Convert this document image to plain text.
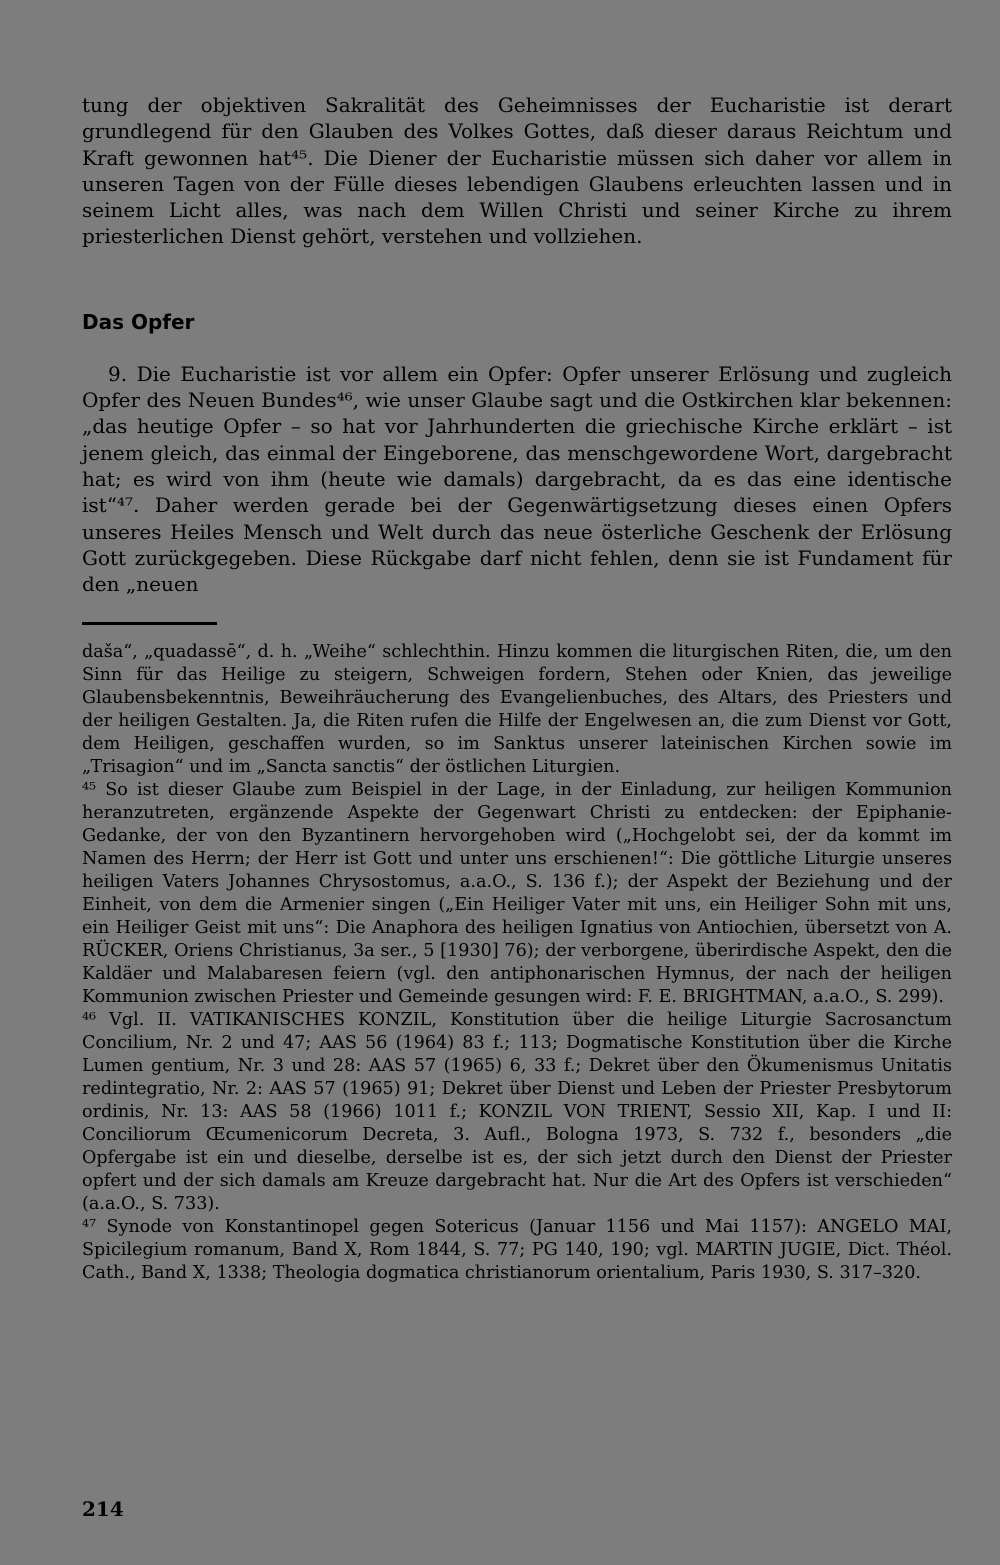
tung der objektiven Sakralität des Geheimnisses der Eucharistie ist derart grundlegend für den Glauben des Volkes Gottes, daß dieser daraus Reichtum und Kraft gewonnen hat⁴⁵. Die Diener der Eucharistie müssen sich daher vor allem in unseren Tagen von der Fülle dieses lebendigen Glaubens erleuchten lassen und in seinem Licht alles, was nach dem Willen Christi und seiner Kirche zu ihrem priesterlichen Dienst gehört, verstehen und vollziehen.

Das Opfer

9. Die Eucharistie ist vor allem ein Opfer: Opfer unserer Erlösung und zugleich Opfer des Neuen Bundes⁴⁶, wie unser Glaube sagt und die Ostkirchen klar bekennen: „das heutige Opfer – so hat vor Jahrhunderten die griechische Kirche erklärt – ist jenem gleich, das einmal der Eingeborene, das menschgewordene Wort, dargebracht hat; es wird von ihm (heute wie damals) dargebracht, da es das eine identische ist“⁴⁷. Daher werden gerade bei der Gegenwärtigsetzung dieses einen Opfers unseres Heiles Mensch und Welt durch das neue österliche Geschenk der Erlösung Gott zurückgegeben. Diese Rückgabe darf nicht fehlen, denn sie ist Fundament für den „neuen

daša“, „quadassē“, d. h. „Weihe“ schlechthin. Hinzu kommen die liturgischen Riten, die, um den Sinn für das Heilige zu steigern, Schweigen fordern, Stehen oder Knien, das jeweilige Glaubensbekenntnis, Beweihräucherung des Evangelienbuches, des Altars, des Priesters und der heiligen Gestalten. Ja, die Riten rufen die Hilfe der Engelwesen an, die zum Dienst vor Gott, dem Heiligen, geschaffen wurden, so im Sanktus unserer lateinischen Kirchen sowie im „Trisagion“ und im „Sancta sanctis“ der östlichen Liturgien.

⁴⁵ So ist dieser Glaube zum Beispiel in der Lage, in der Einladung, zur heiligen Kommunion heranzutreten, ergänzende Aspekte der Gegenwart Christi zu entdecken: der Epiphanie-Gedanke, der von den Byzantinern hervorgehoben wird („Hochgelobt sei, der da kommt im Namen des Herrn; der Herr ist Gott und unter uns erschienen!“: Die göttliche Liturgie unseres heiligen Vaters Johannes Chrysostomus, a.a.O., S. 136 f.); der Aspekt der Beziehung und der Einheit, von dem die Armenier singen („Ein Heiliger Vater mit uns, ein Heiliger Sohn mit uns, ein Heiliger Geist mit uns“: Die Anaphora des heiligen Ignatius von Antiochien, übersetzt von A. RÜCKER, Oriens Christianus, 3a ser., 5 [1930] 76); der verborgene, überirdische Aspekt, den die Kaldäer und Malabaresen feiern (vgl. den antiphonarischen Hymnus, der nach der heiligen Kommunion zwischen Priester und Gemeinde gesungen wird: F. E. BRIGHTMAN, a.a.O., S. 299).

⁴⁶ Vgl. II. VATIKANISCHES KONZIL, Konstitution über die heilige Liturgie Sacrosanctum Concilium, Nr. 2 und 47; AAS 56 (1964) 83 f.; 113; Dogmatische Konstitution über die Kirche Lumen gentium, Nr. 3 und 28: AAS 57 (1965) 6, 33 f.; Dekret über den Ökumenismus Unitatis redintegratio, Nr. 2: AAS 57 (1965) 91; Dekret über Dienst und Leben der Priester Presbytorum ordinis, Nr. 13: AAS 58 (1966) 1011 f.; KONZIL VON TRIENT, Sessio XII, Kap. I und II: Conciliorum Œcumenicorum Decreta, 3. Aufl., Bologna 1973, S. 732 f., besonders „die Opfergabe ist ein und dieselbe, derselbe ist es, der sich jetzt durch den Dienst der Priester opfert und der sich damals am Kreuze dargebracht hat. Nur die Art des Opfers ist verschieden“ (a.a.O., S. 733).

⁴⁷ Synode von Konstantinopel gegen Sotericus (Januar 1156 und Mai 1157): ANGELO MAI, Spicilegium romanum, Band X, Rom 1844, S. 77; PG 140, 190; vgl. MARTIN JUGIE, Dict. Théol. Cath., Band X, 1338; Theologia dogmatica christianorum orientalium, Paris 1930, S. 317–320.

214
